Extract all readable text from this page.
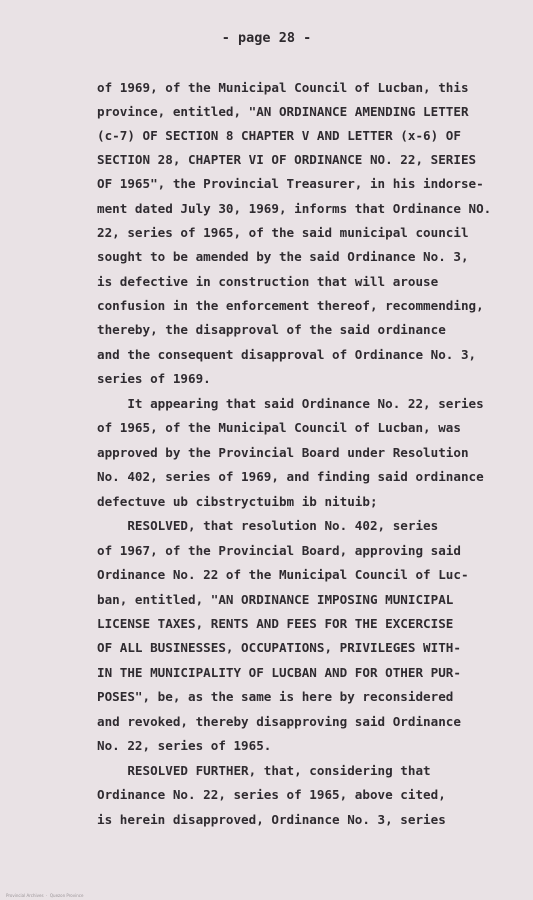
- page 28 -
of 1969, of the Municipal Council of Lucban, this
province, entitled, "AN ORDINANCE AMENDING LETTER
(c-7) OF SECTION 8 CHAPTER V AND LETTER (x-6) OF
SECTION 28, CHAPTER VI OF ORDINANCE NO. 22, SERIES
OF 1965", the Provincial Treasurer, in his indorse-
ment dated July 30, 1969, informs that Ordinance NO.
22, series of 1965, of the said municipal council
sought to be amended by the said Ordinance No. 3,
is defective in construction that will arouse
confusion in the enforcement thereof, recommending,
thereby, the disapproval of the said ordinance
and the consequent disapproval of Ordinance No. 3,
series of 1969.
It appearing that said Ordinance No. 22, series
of 1965, of the Municipal Council of Lucban, was
approved by the Provincial Board under Resolution
No. 402, series of 1969, and finding said ordinance
defectuve ub cibstryctuibm ib nituib;
RESOLVED, that resolution No. 402, series
of 1967, of the Provincial Board, approving said
Ordinance No. 22 of the Municipal Council of Luc-
ban, entitled, "AN ORDINANCE IMPOSING MUNICIPAL
LICENSE TAXES, RENTS AND FEES FOR THE EXCERCISE
OF ALL BUSINESSES, OCCUPATIONS, PRIVILEGES WITH-
IN THE MUNICIPALITY OF LUCBAN AND FOR OTHER PUR-
POSES", be, as the same is here by reconsidered
and revoked, thereby disapproving said Ordinance
No. 22, series of 1965.
RESOLVED FURTHER, that, considering that
Ordinance No. 22, series of 1965, above cited,
is herein disapproved, Ordinance No. 3, series
Provincial Archives  ·  Quezon Province
